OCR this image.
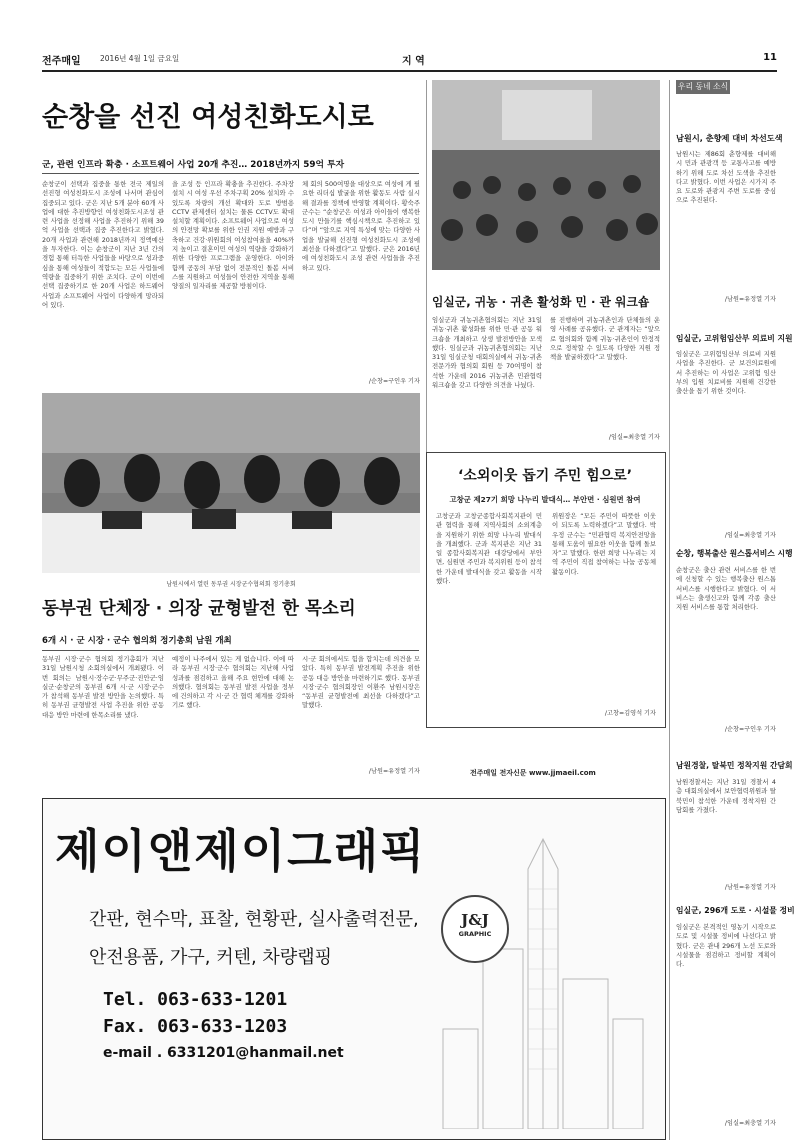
전주매일	2016년 4월 1일 금요일	지 역	11
순창을 선진 여성친화도시로
군, 관련 인프라 확충 · 소프트웨어 사업 20개 추진… 2018년까지 59억 투자
순창군이 선택과 집중을 통한 전국 제일의 선진형 여성친화도시 조성에 나서며 관심이 집중되고 있다. 군은 지난 5개 분야 60개 사업에 대한 추진방향인 여성친화도시조성 관련 사업을 선정해 사업을 추진하기 위해 39억 사업을 선택과 집중 추진한다고 밝혔다. 20개 사업과 관련해 2018년까지 정액예산을 투자한다. 이는 순창군이 지난 3년 간의 경험 통해 터득한 사업들을 바탕으로 성과중심을 통해 여성들이 적합도는 모든 사업들에 역량을 집중하기 위한 조치다. 군이 이번에 선택 집중하기로 한 20개 사업은 하드웨어 사업과 소프트웨어 사업이 다양하게 망라되어 있다.
을 조성 등 인프라 확충을 추진한다. 주차장 설치 시 여성 우선 주차구획 20% 설치와 수 있도록 차량의 개선 확대와 도로 방범용 CCTV 관제센터 설치는 물론 CCTV도 확대 설치할 계획이다. 소프트웨어 사업으로 여성의 안전망 확보를 위한 인권 지원 예방과 구축하고 건강·위원회의 여성참여율을 40%까지 높이고 결혼이민 여성의 역량을 강화하기 위한 다양한 프로그램을 운영한다. 아이와 함께 공동의 부담 없이 전문적인 돌봄 서비스를 지원하고 여성들이 안전한 지역을 통해 양질의 일자리를 제공할 방침이다.
체 회의 500여명을 대상으로 여성에 게 필요한 리더십 발굴을 위한 활동도 사람 실시해 결과를 정책에 반영할 계획이다. 황숙주 군수는 “순창군은 여성과 아이들이 행복한 도시 만들기를 핵심시책으로 추진하고 있다”며 “앞으로 지역 특성에 맞는 다양한 사업을 발굴해 선진형 여성친화도시 조성에 최선을 다하겠다”고 말했다. 군은 2016년에 여성친화도시 조성 관련 사업들을 추진하고 있다.
/순창=구인우 기자
임실군, 귀농 · 귀촌 활성화 민 · 관 워크숍
임실군과 귀농귀촌협의회는 지난 31일 귀농·귀촌 활성화를 위한 민·관 공동 워크숍을 개최하고 상생 발전방안을 모색했다. 임실군과 귀농귀촌협의회는 지난 31일 임실군청 대회의실에서 귀농·귀촌 전문가와 협의회 회원 등 70여명이 참석한 가운데 2016 귀농귀촌 민관협력 워크숍을 갖고 다양한 의견을 나눴다.
를 진행하며 귀농귀촌인과 단체들의 운영 사례를 공유했다. 군 관계자는 “앞으로 협의회와 함께 귀농·귀촌인이 안정적으로 정착할 수 있도록 다양한 지원 정책을 발굴하겠다”고 말했다.
/임실=최충열 기자
남원시에서 열린 동부권 시장군수협의회 정기총회
‘소외이웃 돕기 주민 힘으로’
고창군 제27기 희망 나누리 발대식… 부안면 · 심원면 참여
고창군과 고창군종합사회복지관이 민관 협력을 통해 지역사회의 소외계층을 지원하기 위한 희망 나누리 발대식을 개최했다. 군과 복지관은 지난 31일 종합사회복지관 대강당에서 부안면, 심원면 주민과 복지위원 등이 참석한 가운데 발대식을 갖고 활동을 시작했다.
위원장은 “모든 주민이 따뜻한 이웃이 되도록 노력하겠다”고 말했다. 박우정 군수는 “민관협력 복지안전망을 통해 도움이 필요한 이웃을 함께 돌보자”고 말했다. 한편 희망 나누리는 지역 주민이 직접 참여하는 나눔 공동체 활동이다.
/고창=김영석 기자
동부권 단체장 · 의장 균형발전 한 목소리
6개 시 · 군 시장 · 군수 협의회 정기총회 남원 개최
동부권 시장·군수 협의회 정기총회가 지난 31일 남원시청 소회의실에서 개최됐다. 이번 회의는 남원시·장수군·무주군·진안군·임실군·순창군의 동부권 6개 시·군 시장·군수가 참석해 동부권 발전 방안을 논의했다. 특히 동부권 균형발전 사업 추진을 위한 공동 대응 방안 마련에 한목소리를 냈다.
예정이 나주에서 있는 게 없습니다. 이에 따라 동부권 시장·군수 협의회는 지난해 사업 성과를 점검하고 올해 주요 현안에 대해 논의했다. 협의회는 동부권 발전 사업을 정부에 건의하고 각 시·군 간 협력 체계를 강화하기로 했다.
시·군 회의에서도 힘을 합치는데 의견을 모았다. 특히 동부권 발전계획 추진을 위한 공동 대응 방안을 마련하기로 했다. 동부권 시장·군수 협의회장인 이환주 남원시장은 “동부권 균형발전에 최선을 다하겠다”고 말했다.
/남원=유정열 기자	전주매일 전자신문 www.jjmaeil.com
우리 동네 소식
남원시, 춘향제 대비 차선도색
남원시는 제86회 춘향제를 대비해 시 민과 관광객 등 교통사고를 예방하기 위해 도로 차선 도색을 추진한다고 밝혔다. 이번 사업은 시가지 주요 도로와 관광지 주변 도로를 중심으로 추진된다.
/남원=유정열 기자
임실군, 고위험임산부 의료비 지원
임실군은 고위험임산부 의료비 지원사업을 추진한다. 군 보건의료원에서 추진하는 이 사업은 고위험 임산부의 입원 치료비를 지원해 건강한 출산을 돕기 위한 것이다.
/임실=최충열 기자
순창, 행복출산 원스톱서비스 시행
순창군은 출산 관련 서비스를 한 번에 신청할 수 있는 행복출산 원스톱서비스를 시행한다고 밝혔다. 이 서비스는 출생신고와 함께 각종 출산 지원 서비스를 통합 처리한다.
/순창=구인우 기자
남원경찰, 탈북민 정착지원 간담회
남원경찰서는 지난 31일 경찰서 4층 대회의실에서 보안협력위원과 탈북민이 참석한 가운데 정착지원 간담회를 가졌다.
/남원=유정열 기자
임실군, 296개 도로 · 시설물 정비
임실군은 본격적인 영농기 시작으로 도로 및 시설물 정비에 나선다고 밝혔다. 군은 관내 296개 노선 도로와 시설물을 점검하고 정비할 계획이다.
/임실=최충열 기자
J&J
GRAPHIC
제이앤제이그래픽
간판, 현수막, 표찰, 현황판, 실사출력전문,
안전용품, 가구, 커텐, 차량랩핑
Tel. 063-633-1201
Fax. 063-633-1203
e-mail . 6331201@hanmail.net
